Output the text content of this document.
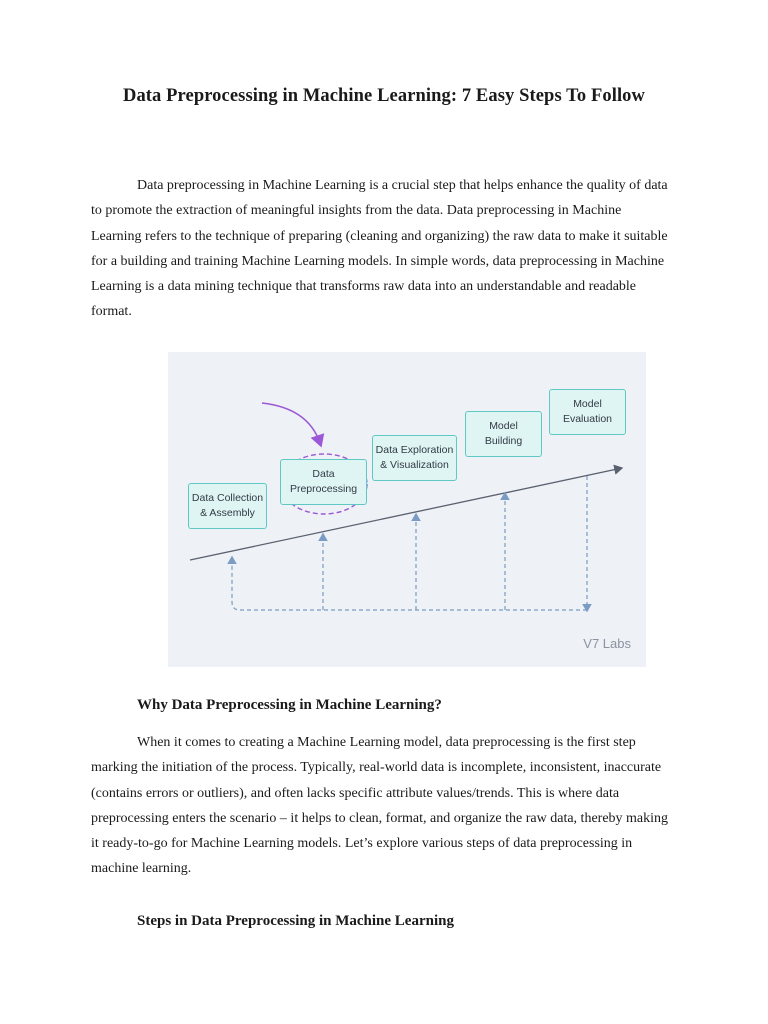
Data Preprocessing in Machine Learning: 7 Easy Steps To Follow

Data preprocessing in Machine Learning is a crucial step that helps enhance the quality of data to promote the extraction of meaningful insights from the data. Data preprocessing in Machine Learning refers to the technique of preparing (cleaning and organizing) the raw data to make it suitable for a building and training Machine Learning models. In simple words, data preprocessing in Machine Learning is a data mining technique that transforms raw data into an understandable and readable format.

Data Collection
& Assembly
Data
Preprocessing
Data Exploration
& Visualization
Model
Building
Model
Evaluation
V7 Labs
Why Data Preprocessing in Machine Learning?

When it comes to creating a Machine Learning model, data preprocessing is the first step marking the initiation of the process. Typically, real-world data is incomplete, inconsistent, inaccurate (contains errors or outliers), and often lacks specific attribute values/trends. This is where data preprocessing enters the scenario – it helps to clean, format, and organize the raw data, thereby making it ready-to-go for Machine Learning models. Let’s explore various steps of data preprocessing in machine learning.

Steps in Data Preprocessing in Machine Learning
